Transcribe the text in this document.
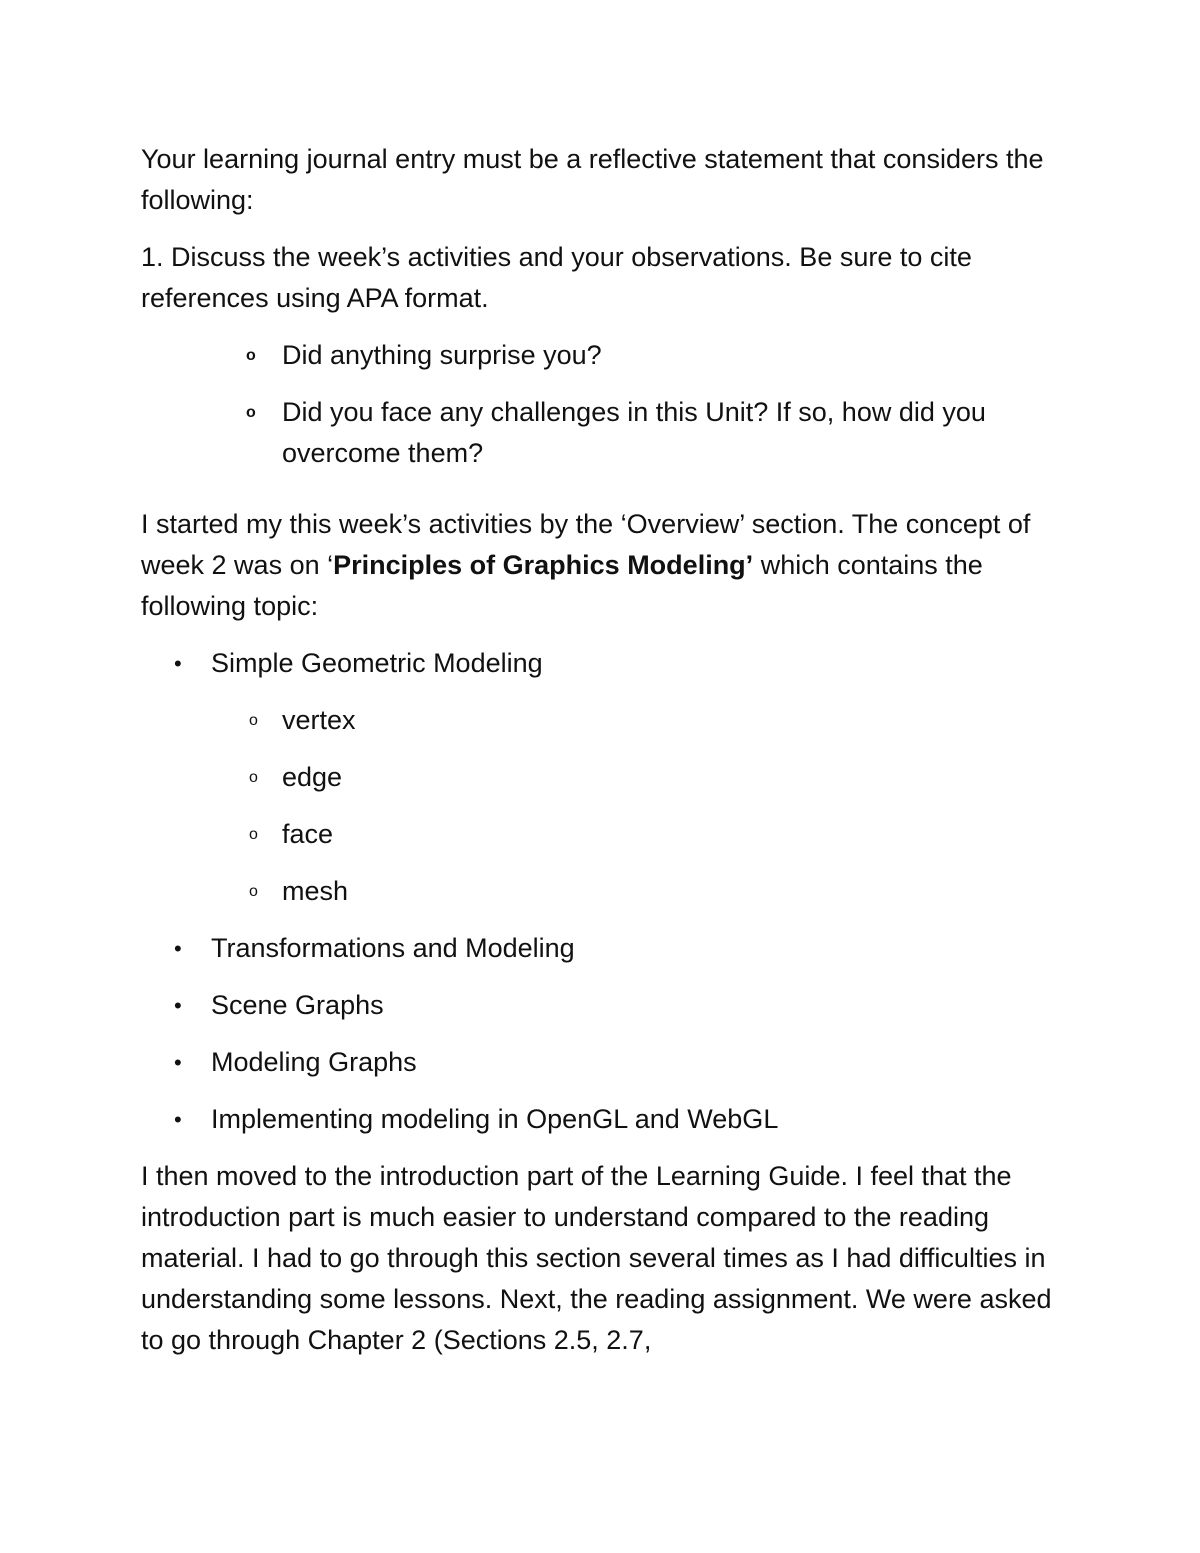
Your learning journal entry must be a reflective statement that considers the following:

1. Discuss the week’s activities and your observations. Be sure to cite references using APA format.

o Did anything surprise you?
o Did you face any challenges in this Unit? If so, how did you overcome them?

I started my this week’s activities by the ‘Overview’ section. The concept of week 2 was on ‘Principles of Graphics Modeling’ which contains the following topic:

• Simple Geometric Modeling
o vertex
o edge
o face
o mesh
• Transformations and Modeling
• Scene Graphs
• Modeling Graphs
• Implementing modeling in OpenGL and WebGL

I then moved to the introduction part of the Learning Guide. I feel that the introduction part is much easier to understand compared to the reading material. I had to go through this section several times as I had difficulties in understanding some lessons. Next, the reading assignment. We were asked to go through Chapter 2 (Sections 2.5, 2.7,
